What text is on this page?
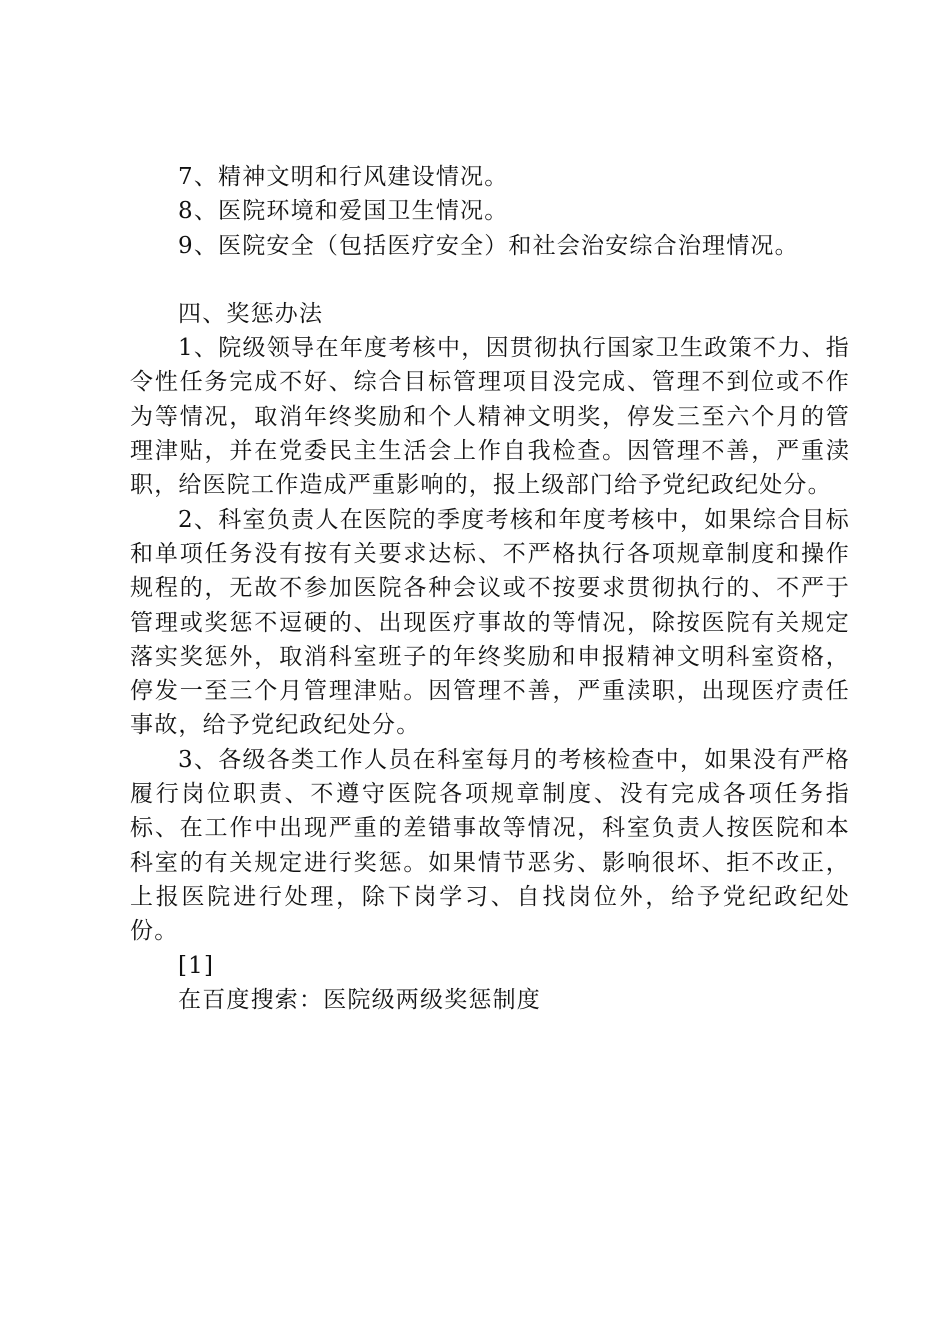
7、精神文明和行风建设情况。

8、医院环境和爱国卫生情况。

9、医院安全（包括医疗安全）和社会治安综合治理情况。

四、奖惩办法

1、院级领导在年度考核中，因贯彻执行国家卫生政策不力、指令性任务完成不好、综合目标管理项目没完成、管理不到位或不作为等情况，取消年终奖励和个人精神文明奖，停发三至六个月的管理津贴，并在党委民主生活会上作自我检查。因管理不善，严重渎职，给医院工作造成严重影响的，报上级部门给予党纪政纪处分。

2、科室负责人在医院的季度考核和年度考核中，如果综合目标和单项任务没有按有关要求达标、不严格执行各项规章制度和操作规程的，无故不参加医院各种会议或不按要求贯彻执行的、不严于管理或奖惩不逗硬的、出现医疗事故的等情况，除按医院有关规定落实奖惩外，取消科室班子的年终奖励和申报精神文明科室资格，停发一至三个月管理津贴。因管理不善，严重渎职，出现医疗责任事故，给予党纪政纪处分。

3、各级各类工作人员在科室每月的考核检查中，如果没有严格履行岗位职责、不遵守医院各项规章制度、没有完成各项任务指标、在工作中出现严重的差错事故等情况，科室负责人按医院和本科室的有关规定进行奖惩。如果情节恶劣、影响很坏、拒不改正，上报医院进行处理，除下岗学习、自找岗位外，给予党纪政纪处份。

[1]

在百度搜索：医院级两级奖惩制度
